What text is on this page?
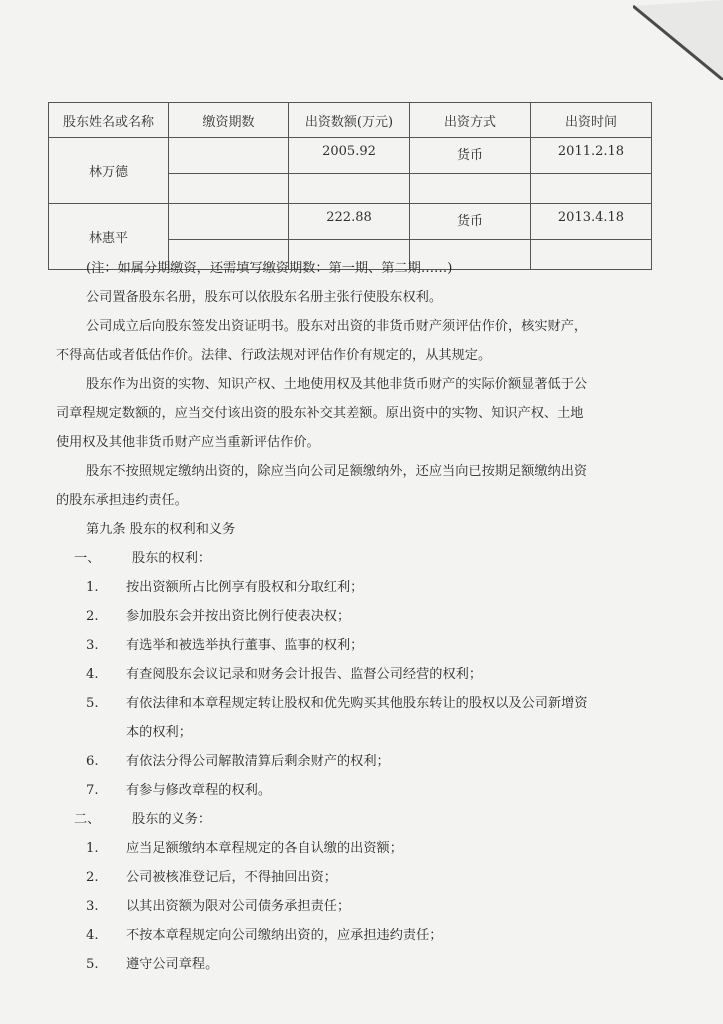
股东姓名或名称	缴资期数	出资数额(万元)	出资方式	出资时间
林万德		2005.92	货币	2011.2.18

林惠平		222.88	货币	2013.4.18

(注：如属分期缴资，还需填写缴资期数：第一期、第二期……)
公司置备股东名册，股东可以依股东名册主张行使股东权利。
公司成立后向股东签发出资证明书。股东对出资的非货币财产须评估作价，核实财产，
不得高估或者低估作价。法律、行政法规对评估作价有规定的，从其规定。
股东作为出资的实物、知识产权、土地使用权及其他非货币财产的实际价额显著低于公
司章程规定数额的，应当交付该出资的股东补交其差额。原出资中的实物、知识产权、土地
使用权及其他非货币财产应当重新评估作价。
股东不按照规定缴纳出资的，除应当向公司足额缴纳外，还应当向已按期足额缴纳出资
的股东承担违约责任。
第九条 股东的权利和义务
一、 股东的权利：
1. 按出资额所占比例享有股权和分取红利；
2. 参加股东会并按出资比例行使表决权；
3. 有选举和被选举执行董事、监事的权利；
4. 有查阅股东会议记录和财务会计报告、监督公司经营的权利；
5. 有依法律和本章程规定转让股权和优先购买其他股东转让的股权以及公司新增资
本的权利；
6. 有依法分得公司解散清算后剩余财产的权利；
7. 有参与修改章程的权利。
二、 股东的义务：
1. 应当足额缴纳本章程规定的各自认缴的出资额；
2. 公司被核准登记后，不得抽回出资；
3. 以其出资额为限对公司债务承担责任；
4. 不按本章程规定向公司缴纳出资的，应承担违约责任；
5. 遵守公司章程。
